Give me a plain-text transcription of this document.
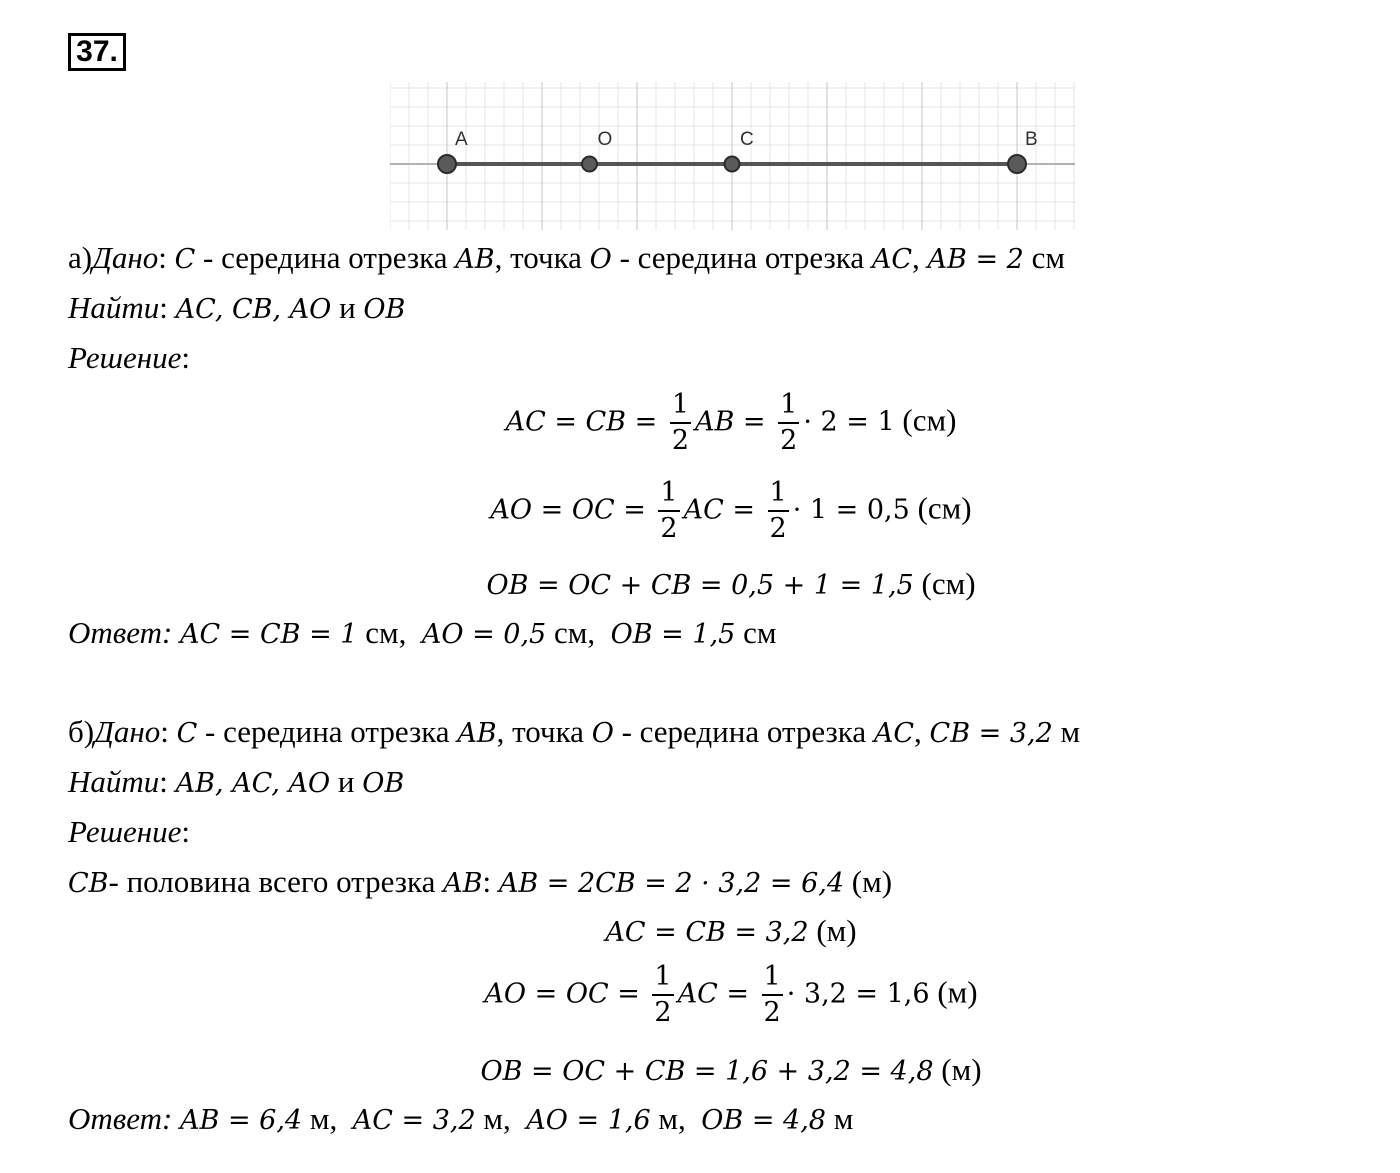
37.
A	O	C	B
а)Дано: C - середина отрезка AB, точка O - середина отрезка AC, AB = 2 см
Найти: AC, CB, AO и OB
Решение:
AC = CB = $\frac{1}{2}$ AB = $\frac{1}{2} \cdot 2 = 1$ (см)
AO = OC = $\frac{1}{2}$ AC = $\frac{1}{2} \cdot 1 = 0,5$ (см)
OB = OC + CB = 0,5 + 1 = 1,5 (см)
Ответ: AC = CB = 1 см, AO = 0,5 см, OB = 1,5 см
б)Дано: C - середина отрезка AB, точка O - середина отрезка AC, CB = 3,2 м
Найти: AB, AC, AO и OB
Решение:
CB- половина всего отрезка AB: AB = 2CB = 2 · 3,2 = 6,4 (м)
AC = CB = 3,2 (м)
AO = OC = $\frac{1}{2}$ AC = $\frac{1}{2} \cdot 3,2 = 1,6$ (м)
OB = OC + CB = 1,6 + 3,2 = 4,8 (м)
Ответ: AB = 6,4 м, AC = 3,2 м, AO = 1,6 м, OB = 4,8 м
